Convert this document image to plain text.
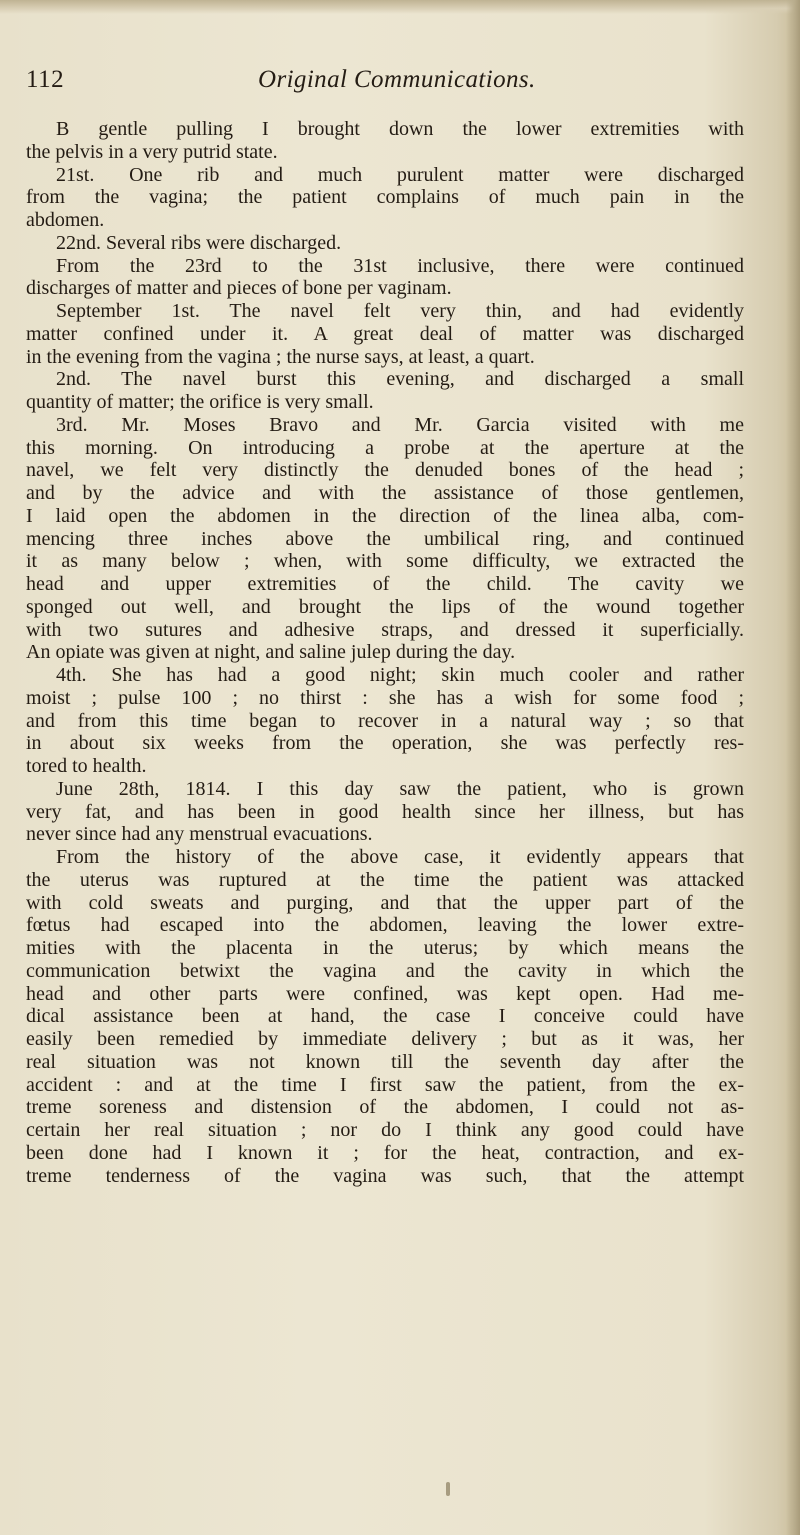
112	Original Communications.
B gentle pulling I brought down the lower extremities with
the pelvis in a very putrid state.
21st. One rib and much purulent matter were discharged
from the vagina; the patient complains of much pain in the
abdomen.
22nd. Several ribs were discharged.
From the 23rd to the 31st inclusive, there were continued
discharges of matter and pieces of bone per vaginam.
September 1st. The navel felt very thin, and had evidently
matter confined under it. A great deal of matter was discharged
in the evening from the vagina ; the nurse says, at least, a quart.
2nd. The navel burst this evening, and discharged a small
quantity of matter; the orifice is very small.
3rd. Mr. Moses Bravo and Mr. Garcia visited with me
this morning. On introducing a probe at the aperture at the
navel, we felt very distinctly the denuded bones of the head ;
and by the advice and with the assistance of those gentlemen,
I laid open the abdomen in the direction of the linea alba, com-
mencing three inches above the umbilical ring, and continued
it as many below ; when, with some difficulty, we extracted the
head and upper extremities of the child. The cavity we
sponged out well, and brought the lips of the wound together
with two sutures and adhesive straps, and dressed it superficially.
An opiate was given at night, and saline julep during the day.
4th. She has had a good night; skin much cooler and rather
moist ; pulse 100 ; no thirst : she has a wish for some food ;
and from this time began to recover in a natural way ; so that
in about six weeks from the operation, she was perfectly res-
tored to health.
June 28th, 1814. I this day saw the patient, who is grown
very fat, and has been in good health since her illness, but has
never since had any menstrual evacuations.
From the history of the above case, it evidently appears that
the uterus was ruptured at the time the patient was attacked
with cold sweats and purging, and that the upper part of the
fœtus had escaped into the abdomen, leaving the lower extre-
mities with the placenta in the uterus; by which means the
communication betwixt the vagina and the cavity in which the
head and other parts were confined, was kept open. Had me-
dical assistance been at hand, the case I conceive could have
easily been remedied by immediate delivery ; but as it was, her
real situation was not known till the seventh day after the
accident : and at the time I first saw the patient, from the ex-
treme soreness and distension of the abdomen, I could not as-
certain her real situation ; nor do I think any good could have
been done had I known it ; for the heat, contraction, and ex-
treme tenderness of the vagina was such, that the attempt
